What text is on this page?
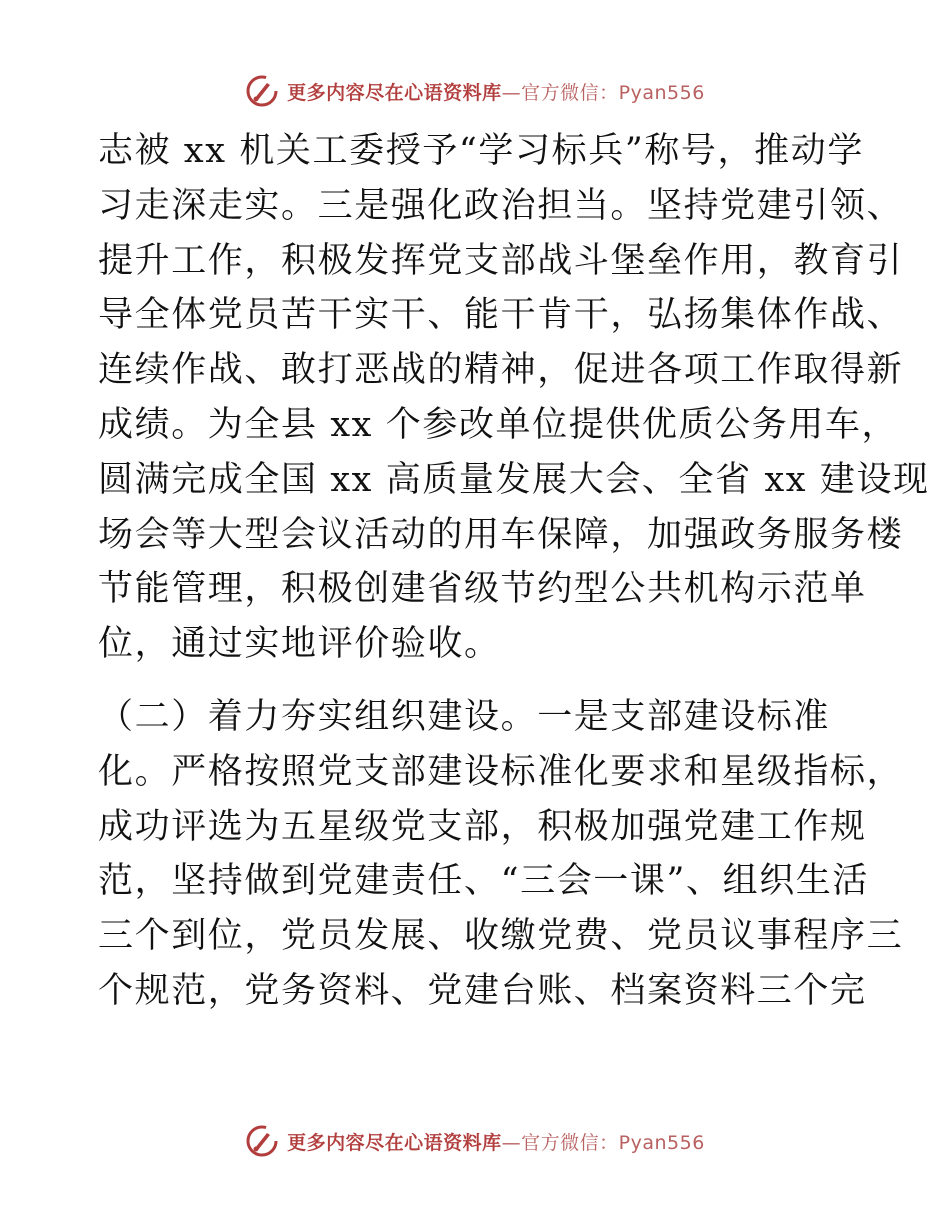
更多内容尽在心语资料库—官方微信：Pyan556
志被 xx 机关工委授予“学习标兵”称号，推动学
习走深走实。三是强化政治担当。坚持党建引领、
提升工作，积极发挥党支部战斗堡垒作用，教育引
导全体党员苦干实干、能干肯干，弘扬集体作战、
连续作战、敢打恶战的精神，促进各项工作取得新
成绩。为全县 xx 个参改单位提供优质公务用车，
圆满完成全国 xx 高质量发展大会、全省 xx 建设现
场会等大型会议活动的用车保障，加强政务服务楼
节能管理，积极创建省级节约型公共机构示范单
位，通过实地评价验收。
（二）着力夯实组织建设。一是支部建设标准
化。严格按照党支部建设标准化要求和星级指标，
成功评选为五星级党支部，积极加强党建工作规
范，坚持做到党建责任、“三会一课”、组织生活
三个到位，党员发展、收缴党费、党员议事程序三
个规范，党务资料、党建台账、档案资料三个完
更多内容尽在心语资料库—官方微信：Pyan556
